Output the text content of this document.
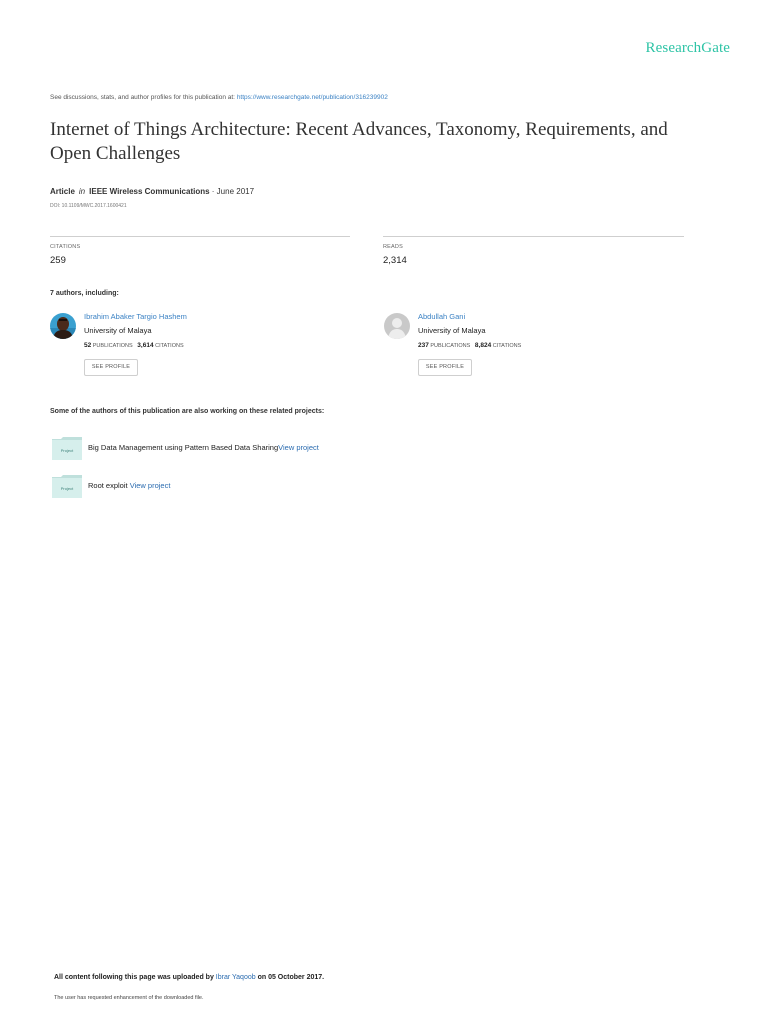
ResearchGate
See discussions, stats, and author profiles for this publication at: https://www.researchgate.net/publication/316239902
Internet of Things Architecture: Recent Advances, Taxonomy, Requirements, and Open Challenges
Article in IEEE Wireless Communications · June 2017
DOI: 10.1109/MWC.2017.1600421
CITATIONS
259
READS
2,314
7 authors, including:
Ibrahim Abaker Targio Hashem
University of Malaya
52 PUBLICATIONS 3,614 CITATIONS
SEE PROFILE
Abdullah Gani
University of Malaya
237 PUBLICATIONS 8,824 CITATIONS
SEE PROFILE
Some of the authors of this publication are also working on these related projects:
Project Big Data Management using Pattern Based Data SharingView project
Project Root exploit View project
All content following this page was uploaded by Ibrar Yaqoob on 05 October 2017.
The user has requested enhancement of the downloaded file.
